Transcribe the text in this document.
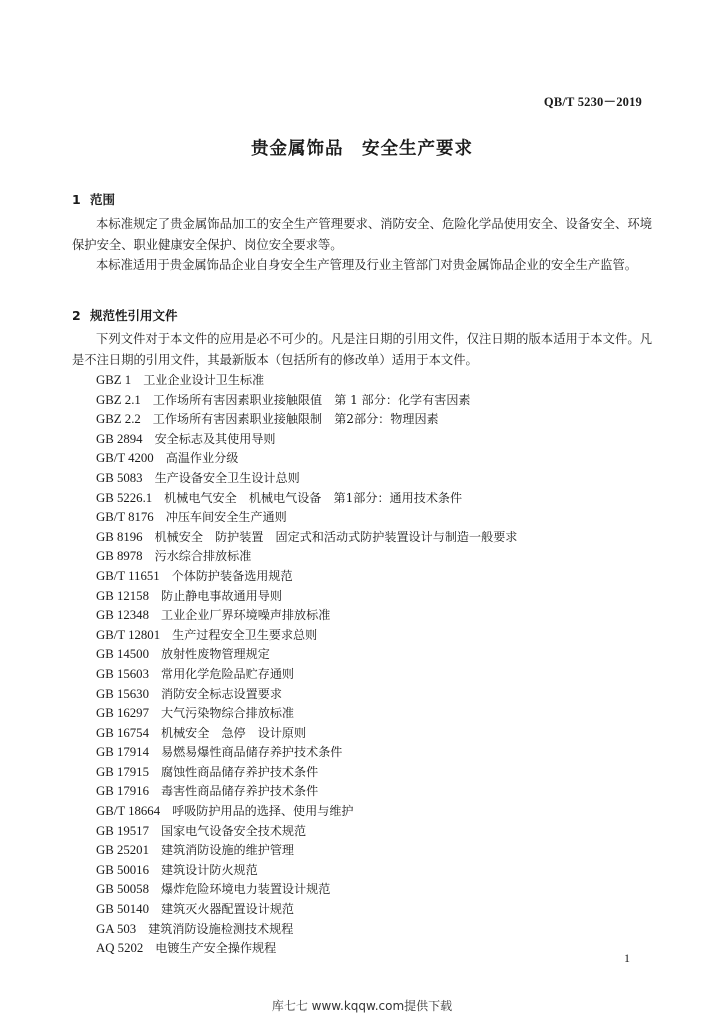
QB/T 5230－2019
贵金属饰品　安全生产要求
1 范围

本标准规定了贵金属饰品加工的安全生产管理要求、消防安全、危险化学品使用安全、设备安全、环境保护安全、职业健康安全保护、岗位安全要求等。

本标准适用于贵金属饰品企业自身安全生产管理及行业主管部门对贵金属饰品企业的安全生产监管。

2 规范性引用文件

下列文件对于本文件的应用是必不可少的。凡是注日期的引用文件，仅注日期的版本适用于本文件。凡是不注日期的引用文件，其最新版本（包括所有的修改单）适用于本文件。

GBZ 1 工业企业设计卫生标准
GBZ 2.1 工作场所有害因素职业接触限值　第 1 部分：化学有害因素
GBZ 2.2 工作场所有害因素职业接触限制　第2部分：物理因素
GB 2894 安全标志及其使用导则
GB/T 4200 高温作业分级
GB 5083 生产设备安全卫生设计总则
GB 5226.1 机械电气安全　机械电气设备　第1部分：通用技术条件
GB/T 8176 冲压车间安全生产通则
GB 8196 机械安全　防护装置　固定式和活动式防护装置设计与制造一般要求
GB 8978 污水综合排放标准
GB/T 11651 个体防护装备选用规范
GB 12158 防止静电事故通用导则
GB 12348 工业企业厂界环境噪声排放标准
GB/T 12801 生产过程安全卫生要求总则
GB 14500 放射性废物管理规定
GB 15603 常用化学危险品贮存通则
GB 15630 消防安全标志设置要求
GB 16297 大气污染物综合排放标准
GB 16754 机械安全　急停　设计原则
GB 17914 易燃易爆性商品储存养护技术条件
GB 17915 腐蚀性商品储存养护技术条件
GB 17916 毒害性商品储存养护技术条件
GB/T 18664 呼吸防护用品的选择、使用与维护
GB 19517 国家电气设备安全技术规范
GB 25201 建筑消防设施的维护管理
GB 50016 建筑设计防火规范
GB 50058 爆炸危险环境电力装置设计规范
GB 50140 建筑灭火器配置设计规范
GA 503 建筑消防设施检测技术规程
AQ 5202 电镀生产安全操作规程
1
库七七 www.kqqw.com提供下载
